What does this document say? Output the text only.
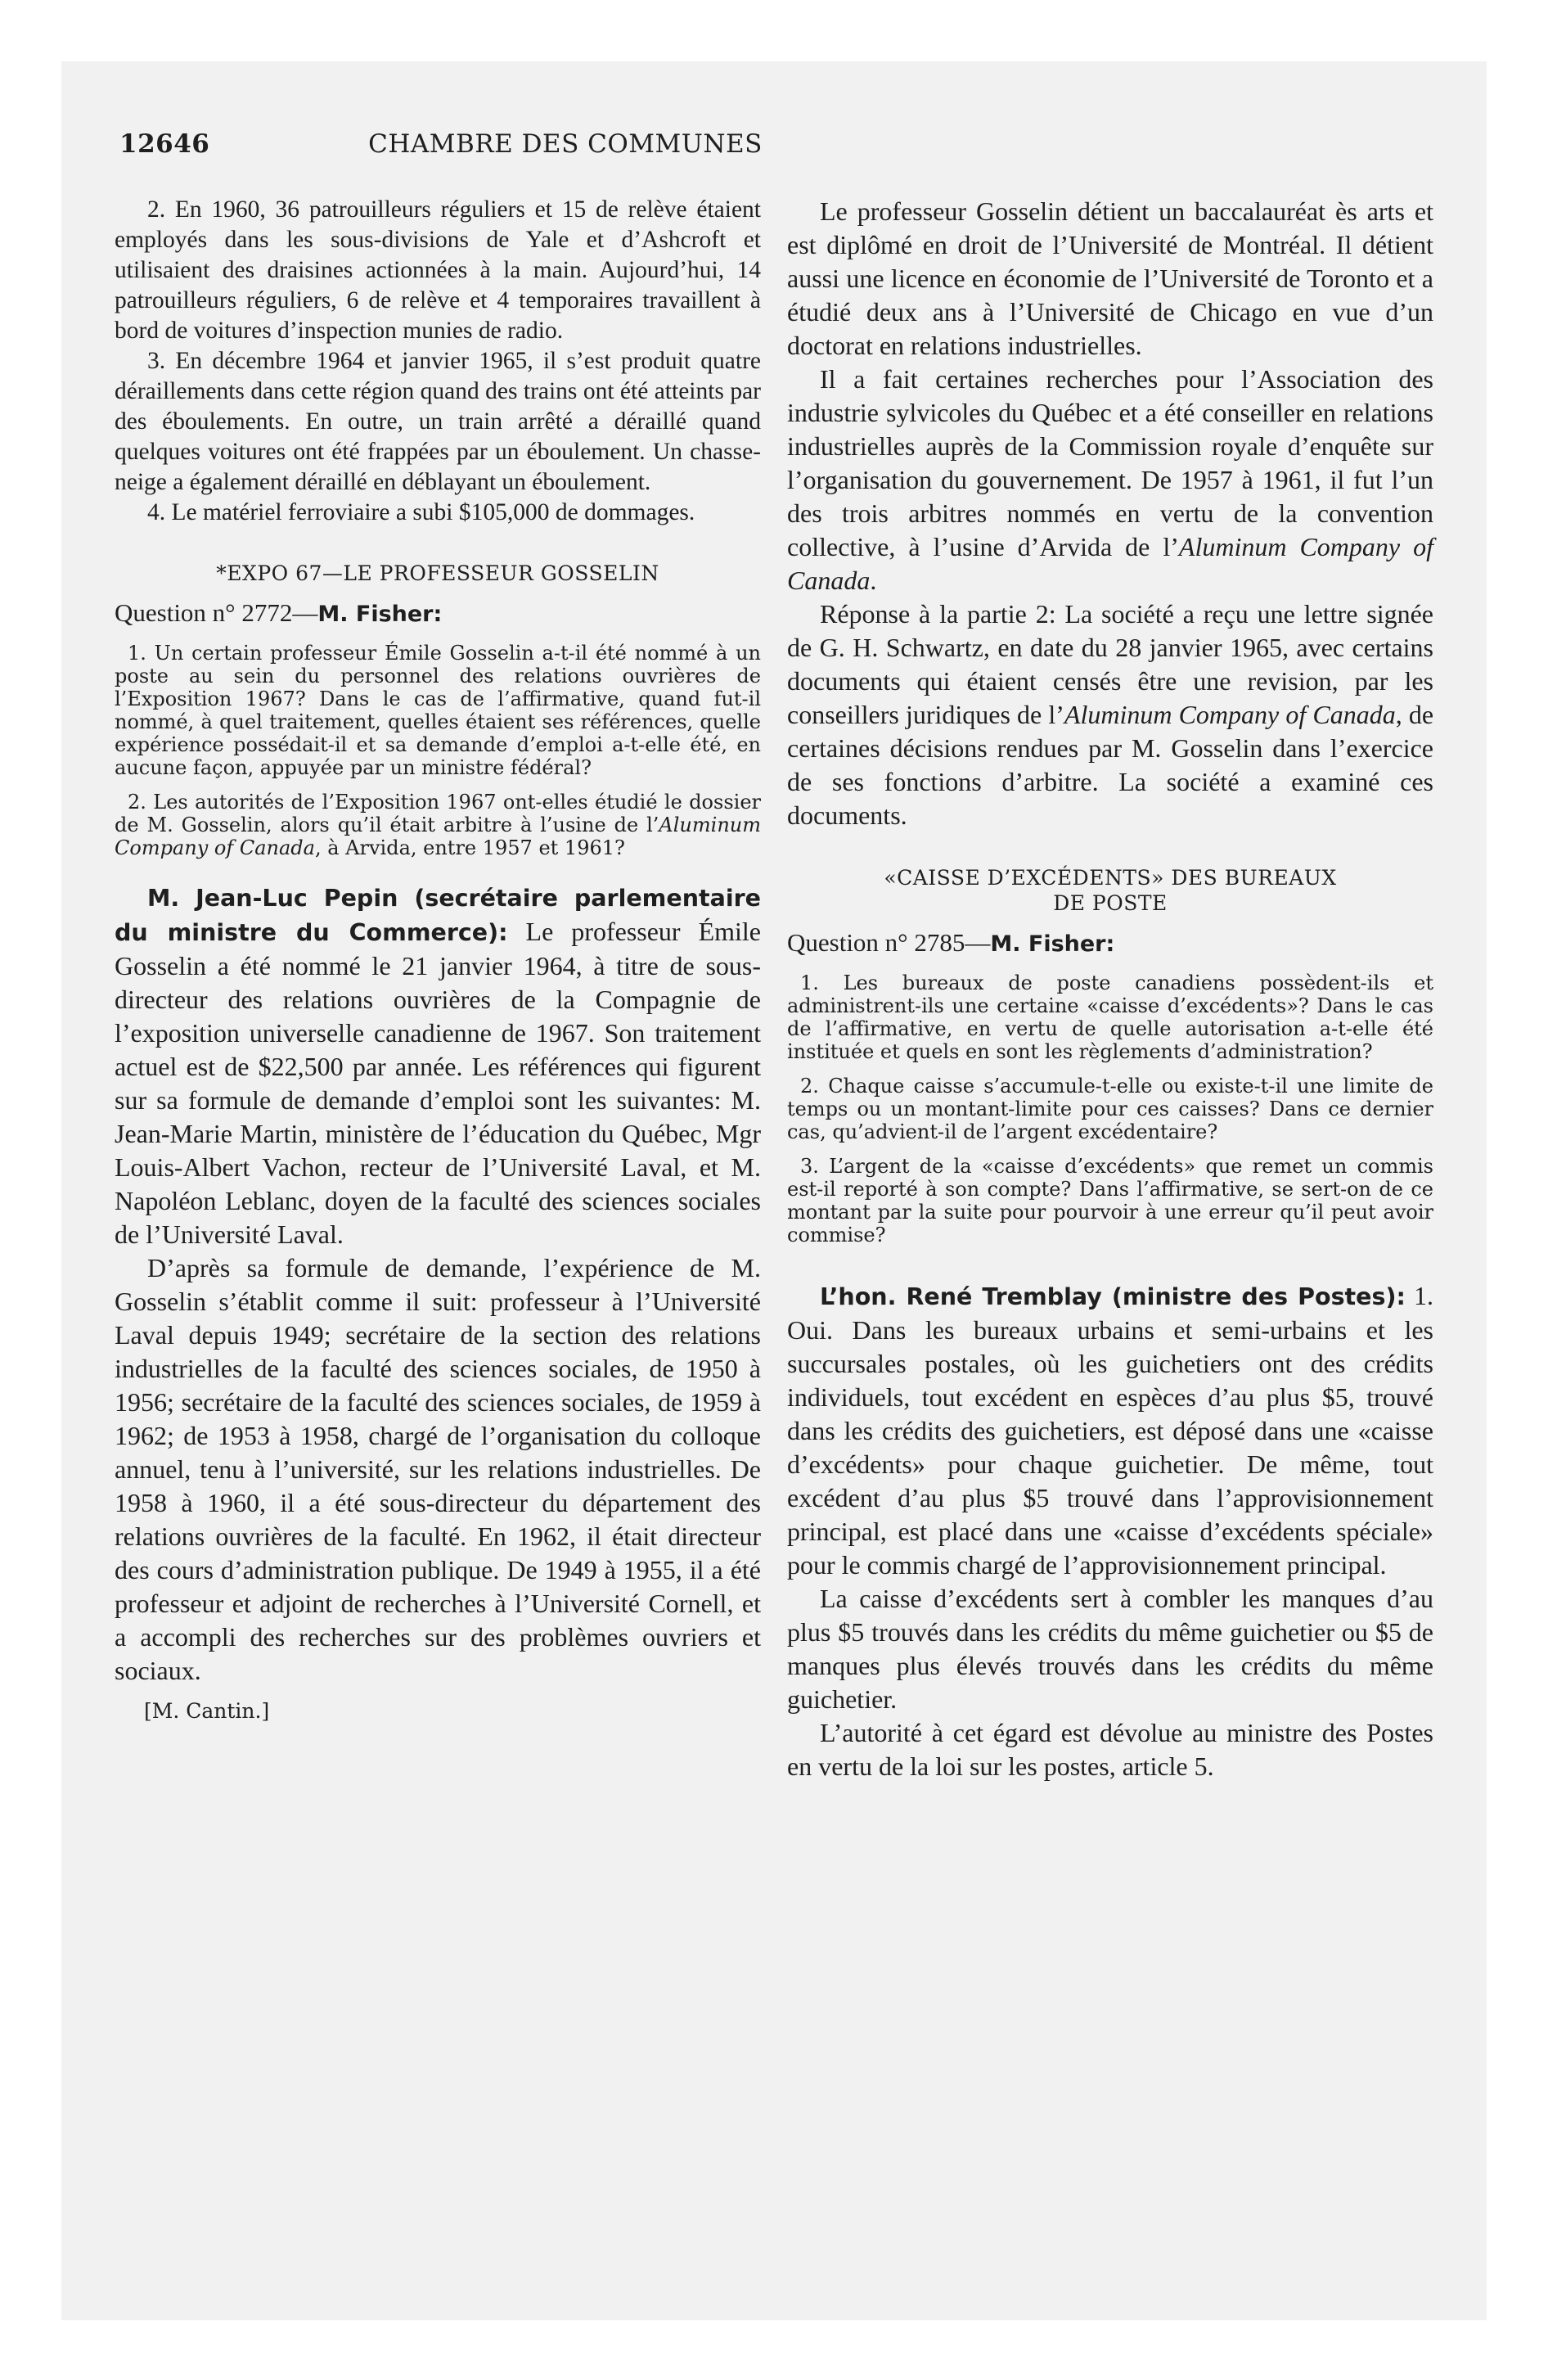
12646	CHAMBRE DES COMMUNES

2. En 1960, 36 patrouilleurs réguliers et 15 de relève étaient employés dans les sous-divisions de Yale et d’Ashcroft et utilisaient des draisines actionnées à la main. Aujourd’hui, 14 patrouilleurs réguliers, 6 de relève et 4 temporaires travaillent à bord de voitures d’inspection munies de radio.

3. En décembre 1964 et janvier 1965, il s’est produit quatre déraillements dans cette région quand des trains ont été atteints par des éboulements. En outre, un train arrêté a déraillé quand quelques voitures ont été frappées par un éboulement. Un chasse-neige a également déraillé en déblayant un éboulement.

4. Le matériel ferroviaire a subi $105,000 de dommages.

*EXPO 67—LE PROFESSEUR GOSSELIN

Question n° 2772—M. Fisher:

1. Un certain professeur Émile Gosselin a-t-il été nommé à un poste au sein du personnel des relations ouvrières de l’Exposition 1967? Dans le cas de l’affirmative, quand fut-il nommé, à quel traitement, quelles étaient ses références, quelle expérience possédait-il et sa demande d’emploi a-t-elle été, en aucune façon, appuyée par un ministre fédéral?

2. Les autorités de l’Exposition 1967 ont-elles étudié le dossier de M. Gosselin, alors qu’il était arbitre à l’usine de l’Aluminum Company of Canada, à Arvida, entre 1957 et 1961?

M. Jean-Luc Pepin (secrétaire parlementaire du ministre du Commerce): Le professeur Émile Gosselin a été nommé le 21 janvier 1964, à titre de sous-directeur des relations ouvrières de la Compagnie de l’exposition universelle canadienne de 1967. Son traitement actuel est de $22,500 par année. Les références qui figurent sur sa formule de demande d’emploi sont les suivantes: M. Jean-Marie Martin, ministère de l’éducation du Québec, Mgr Louis-Albert Vachon, recteur de l’Université Laval, et M. Napoléon Leblanc, doyen de la faculté des sciences sociales de l’Université Laval.

D’après sa formule de demande, l’expérience de M. Gosselin s’établit comme il suit: professeur à l’Université Laval depuis 1949; secrétaire de la section des relations industrielles de la faculté des sciences sociales, de 1950 à 1956; secrétaire de la faculté des sciences sociales, de 1959 à 1962; de 1953 à 1958, chargé de l’organisation du colloque annuel, tenu à l’université, sur les relations industrielles. De 1958 à 1960, il a été sous-directeur du département des relations ouvrières de la faculté. En 1962, il était directeur des cours d’administration publique. De 1949 à 1955, il a été professeur et adjoint de recherches à l’Université Cornell, et a accompli des recherches sur des problèmes ouvriers et sociaux.

[M. Cantin.]

Le professeur Gosselin détient un baccalauréat ès arts et est diplômé en droit de l’Université de Montréal. Il détient aussi une licence en économie de l’Université de Toronto et a étudié deux ans à l’Université de Chicago en vue d’un doctorat en relations industrielles.

Il a fait certaines recherches pour l’Association des industrie sylvicoles du Québec et a été conseiller en relations industrielles auprès de la Commission royale d’enquête sur l’organisation du gouvernement. De 1957 à 1961, il fut l’un des trois arbitres nommés en vertu de la convention collective, à l’usine d’Arvida de l’Aluminum Company of Canada.

Réponse à la partie 2: La société a reçu une lettre signée de G. H. Schwartz, en date du 28 janvier 1965, avec certains documents qui étaient censés être une revision, par les conseillers juridiques de l’Aluminum Company of Canada, de certaines décisions rendues par M. Gosselin dans l’exercice de ses fonctions d’arbitre. La société a examiné ces documents.

«CAISSE D’EXCÉDENTS» DES BUREAUX
DE POSTE

Question n° 2785—M. Fisher:

1. Les bureaux de poste canadiens possèdent-ils et administrent-ils une certaine «caisse d’excédents»? Dans le cas de l’affirmative, en vertu de quelle autorisation a-t-elle été instituée et quels en sont les règlements d’administration?

2. Chaque caisse s’accumule-t-elle ou existe-t-il une limite de temps ou un montant-limite pour ces caisses? Dans ce dernier cas, qu’advient-il de l’argent excédentaire?

3. L’argent de la «caisse d’excédents» que remet un commis est-il reporté à son compte? Dans l’affirmative, se sert-on de ce montant par la suite pour pourvoir à une erreur qu’il peut avoir commise?

L’hon. René Tremblay (ministre des Postes): 1. Oui. Dans les bureaux urbains et semi-urbains et les succursales postales, où les guichetiers ont des crédits individuels, tout excédent en espèces d’au plus $5, trouvé dans les crédits des guichetiers, est déposé dans une «caisse d’excédents» pour chaque guichetier. De même, tout excédent d’au plus $5 trouvé dans l’approvisionnement principal, est placé dans une «caisse d’excédents spéciale» pour le commis chargé de l’approvisionnement principal.

La caisse d’excédents sert à combler les manques d’au plus $5 trouvés dans les crédits du même guichetier ou $5 de manques plus élevés trouvés dans les crédits du même guichetier.

L’autorité à cet égard est dévolue au ministre des Postes en vertu de la loi sur les postes, article 5.
